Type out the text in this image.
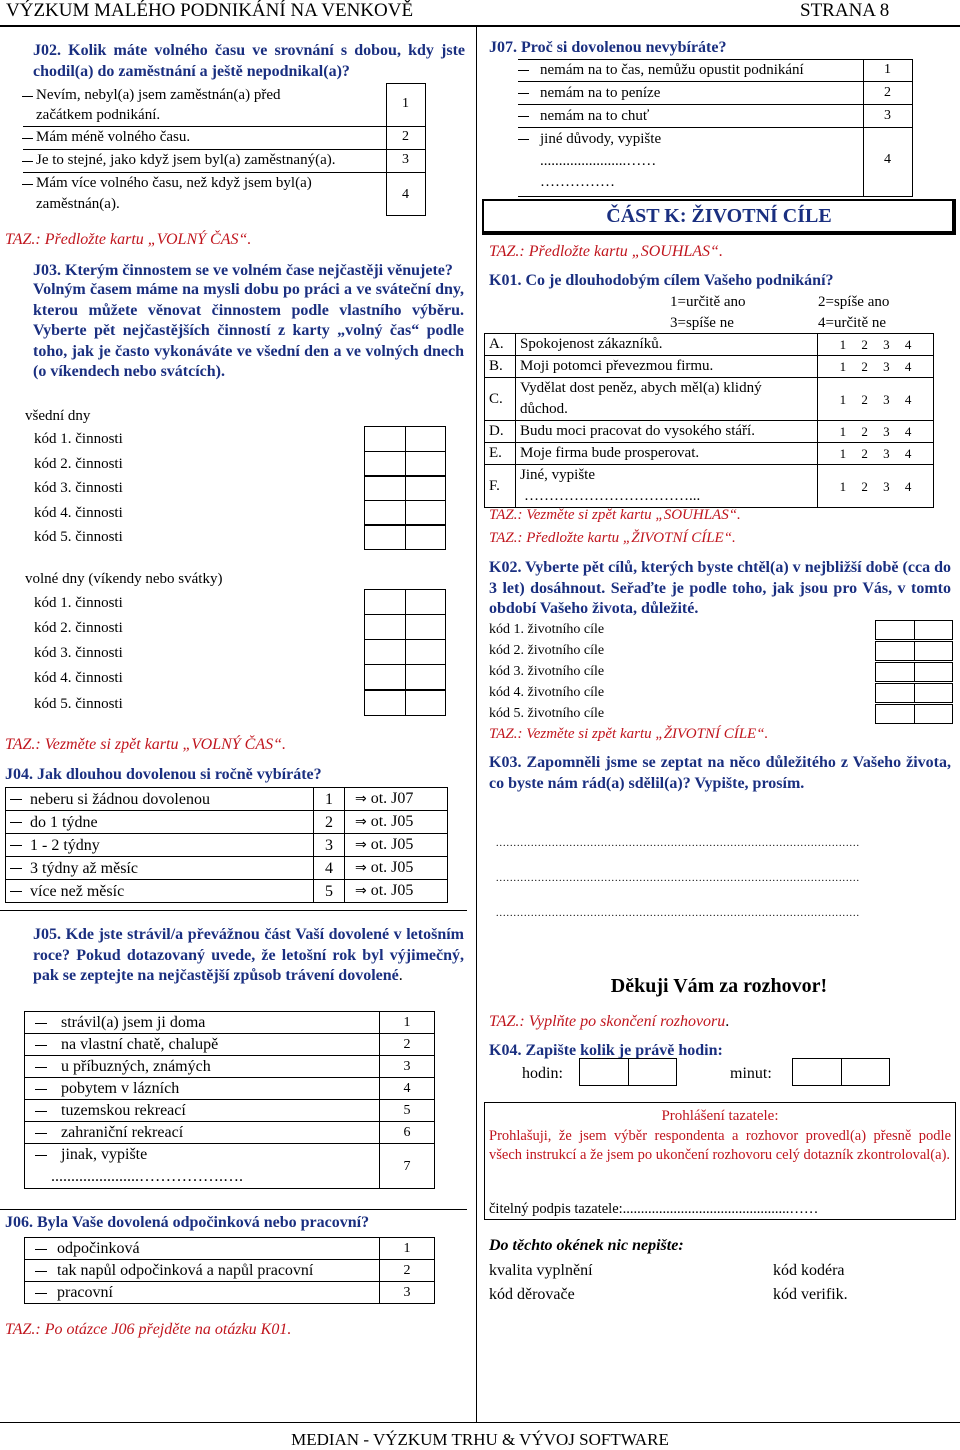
VÝZKUM MALÉHO PODNIKÁNÍ NA VENKOVĚ	STRANA 8
J02. Kolik máte volného času ve srovnání s dobou, kdy jste chodil(a) do zaměstnání a ještě nepodnikal(a)?
Nevím, nebyl(a) jsem zaměstnán(a) před
začátkem podnikání.
1
Mám méně volného času.	2
Je to stejné, jako když jsem byl(a) zaměstnaný(a).	3
Mám více volného času, než když jsem byl(a)
zaměstnán(a).
4
TAZ.: Předložte kartu „VOLNÝ ČAS“.
J03. Kterým činnostem se ve volném čase nejčastěji věnujete?
Volným časem máme na mysli dobu po práci a ve sváteční dny, kterou můžete věnovat činnostem podle vlastního výběru. Vyberte pět nejčastějších činností z karty „volný čas“ podle toho, jak je často vykonáváte ve všední den a ve volných dnech (o víkendech nebo svátcích).
všední dny
kód 1. činnosti
kód 2. činnosti
kód 3. činnosti
kód 4. činnosti
kód 5. činnosti
volné dny (víkendy nebo svátky)
kód 1. činnosti
kód 2. činnosti
kód 3. činnosti
kód 4. činnosti
kód 5. činnosti
TAZ.: Vezměte si zpět kartu „VOLNÝ ČAS“.
J04. Jak dlouhou dovolenou si ročně vybíráte?
neberu si žádnou dovolenou	1	⇒ ot. J07
do 1 týdne	2	⇒ ot. J05
1 - 2 týdny	3	⇒ ot. J05
3 týdny až měsíc	4	⇒ ot. J05
více než měsíc	5	⇒ ot. J05
J05. Kde jste strávil/a převážnou část Vaší dovolené v letošním roce? Pokud dotazovaný uvede, že letošní rok byl výjimečný, pak se zeptejte na nejčastější způsob trávení dovolené.
strávil(a) jsem ji doma	1
na vlastní chatě, chalupě	2
u příbuzných, známých	3
pobytem v lázních	4
tuzemskou rekreací	5
zahraniční rekreací	6
jinak, vypište
......................…………….….	7
J06. Byla Vaše dovolená odpočinková nebo pracovní?
odpočinková	1
tak napůl odpočinková a napůl pracovní	2
pracovní	3
TAZ.: Po otázce J06 přejděte na otázku K01.
J07. Proč si dovolenou nevybíráte?
nemám na to čas, nemůžu opustit podnikání	1
nemám na to peníze	2
nemám na to chuť	3
jiné důvody, vypište
.......................……
……………
4
ČÁST K: ŽIVOTNÍ CÍLE
TAZ.: Předložte kartu „SOUHLAS“.
K01. Co je dlouhodobým cílem Vašeho podnikání?
1=určitě ano	2=spíše ano
3=spíše ne	4=určitě ne
A.	Spokojenost zákazníků.	1 2 3 4
B.	Moji potomci převezmou firmu.	1 2 3 4
C.	Vydělat dost peněz, abych měl(a) klidný
důchod.	1 2 3 4
D.	Budu moci pracovat do vysokého stáří.	1 2 3 4
E.	Moje firma bude prosperovat.	1 2 3 4
F.	Jiné, vypište
……………………………...	1 2 3 4
TAZ.: Vezměte si zpět kartu „SOUHLAS“.
TAZ.: Předložte kartu „ŽIVOTNÍ CÍLE“.
K02. Vyberte pět cílů, kterých byste chtěl(a) v nejbližší době (cca do 3 let) dosáhnout. Seřaďte je podle toho, jak jsou pro Vás, v tomto období Vašeho života, důležité.
kód 1. životního cíle
kód 2. životního cíle
kód 3. životního cíle
kód 4. životního cíle
kód 5. životního cíle
TAZ.: Vezměte si zpět kartu „ŽIVOTNÍ CÍLE“.
K03. Zapomněli jsme se zeptat na něco důležitého z Vašeho života, co byste nám rád(a) sdělil(a)? Vypište, prosím.
........................................................................................................
........................................................................................................
........................................................................................................
Děkuji Vám za rozhovor!
TAZ.: Vyplňte po skončení rozhovoru.
K04. Zapište kolik je právě hodin:
hodin:	minut:
Prohlášení tazatele:
Prohlašuji, že jsem výběr respondenta a rozhovor provedl(a) přesně podle všech instrukcí a že jsem po ukončení rozhovoru celý dotazník zkontroloval(a).
čitelný podpis tazatele:..............................................……
Do těchto okének nic nepište:
kvalita vyplnění	kód kodéra
kód děrovače	kód verifik.
MEDIAN - VÝZKUM TRHU & VÝVOJ SOFTWARE
